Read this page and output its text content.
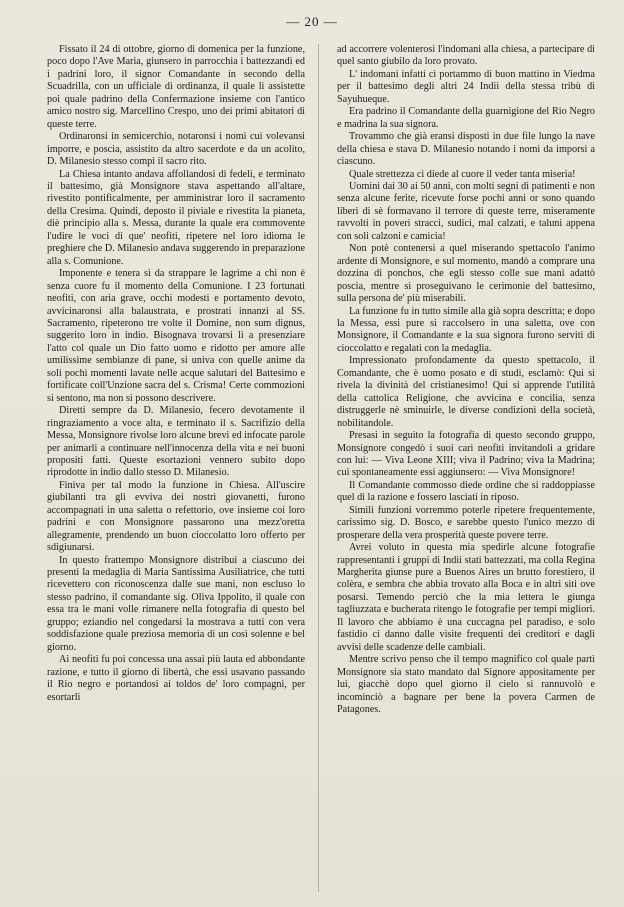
— 20 —

Fissato il 24 di ottobre, giorno di domenica per la funzione, poco dopo l'Ave Maria, giunsero in parrocchia i battezzandi ed i padrini loro, il signor Comandante in secondo della Scuadrilla, con un ufficiale di ordinanza, il quale li assistette poi quale padrino della Confermazione insieme con l'antico amico nostro sig. Marcellino Crespo, uno dei primi abitatori di queste terre.

Ordinaronsi in semicerchio, notaronsi i nomi cui volevansi imporre, e poscia, assistito da altro sacerdote e da un acolito, D. Milanesio stesso compì il sacro rito.

La Chiesa intanto andava affollandosi di fedeli, e terminato il battesimo, già Monsignore stava aspettando all'altare, rivestito pontificalmente, per amministrar loro il sacramento della Cresima. Quindi, deposto il piviale e rivestita la pianeta, diè principio alla s. Messa, durante la quale era commovente l'udire le voci di que' neofiti, ripetere nel loro idioma le preghiere che D. Milanesio andava suggerendo in preparazione alla s. Comunione.

Imponente e tenera sì da strappare le lagrime a chi non è senza cuore fu il momento della Comunione. I 23 fortunati neofiti, con aria grave, occhi modesti e portamento devoto, avvicinaronsi alla balaustrata, e prostrati innanzi al SS. Sacramento, ripeterono tre volte il Domine, non sum dignus, suggerito loro in indio. Bisognava trovarsi lì a presenziare l'atto col quale un Dio fatto uomo e ridotto per amore alle umilissime sembianze di pane, si univa con quelle anime da soli pochi momenti lavate nelle acque salutari del Battesimo e fortificate coll'Unzione sacra del s. Crisma! Certe commozioni si sentono, ma non si possono descrivere.

Diretti sempre da D. Milanesio, fecero devotamente il ringraziamento a voce alta, e terminato il s. Sacrifizio della Messa, Monsignore rivolse loro alcune brevi ed infocate parole per animarli a continuare nell'innocenza della vita e nei buoni propositi fatti. Queste esortazioni vennero subito dopo riprodotte in indio dallo stesso D. Milanesio.

Finiva per tal modo la funzione in Chiesa. All'uscire giubilanti tra gli evviva dei nostri giovanetti, furono accompagnati in una saletta o refettorio, ove insieme coi loro padrini e con Monsignore passarono una mezz'oretta allegramente, prendendo un buon cioccolatto loro offerto per sdigiunarsi.

In questo frattempo Monsignore distribuì a ciascuno dei presenti la medaglia di Maria Santissima Ausiliatrice, che tutti ricevettero con riconoscenza dalle sue mani, non escluso lo stesso padrino, il comandante sig. Oliva Ippolito, il quale con essa tra le mani volle rimanere nella fotografia di questo bel gruppo; eziandio nel congedarsi la mostrava a tutti con vera soddisfazione quale preziosa memoria di un così solenne e bel giorno.

Ai neofiti fu poi concessa una assai più lauta ed abbondante razione, e tutto il giorno di libertà, che essi usavano passando il Rio negro e portandosi ai toldos de' loro compagni, per esortarli

ad accorrere volenterosi l'indomani alla chiesa, a partecipare di quel santo giubilo da loro provato.

L' indomani infatti ci portammo di buon mattino in Viedma per il battesimo degli altri 24 Indii della stessa tribù di Sayuhueque.

Era padrino il Comandante della guarnigione del Rio Negro e madrina la sua signora.

Trovammo che già eransi disposti in due file lungo la nave della chiesa e stava D. Milanesio notando i nomi da imporsi a ciascuno.

Quale strettezza ci diede al cuore il veder tanta miseria!

Uomini dai 30 ai 50 anni, con molti segni di patimenti e non senza alcune ferite, ricevute forse pochi anni or sono quando liberi di sè formavano il terrore di queste terre, miseramente ravvolti in poveri stracci, sudici, mal calzati, e taluni appena con soli calzoni e camicia!

Non potè contenersi a quel miserando spettacolo l'animo ardente di Monsignore, e sul momento, mandò a comprare una dozzina di ponchos, che egli stesso colle sue mani adattò poscia, mentre si proseguivano le cerimonie del battesimo, sulla persona de' più miserabili.

La funzione fu in tutto simile alla già sopra descritta; e dopo la Messa, essi pure si raccolsero in una saletta, ove con Monsignore, il Comandante e la sua signora furono serviti di cioccolatto e regalati con la medaglia.

Impressionato profondamente da questo spettacolo, il Comandante, che è uomo posato e di studi, esclamò: Qui sì rivela la divinità del cristianesimo! Qui si apprende l'utilità della cattolica Religione, che avvicina e concilia, senza distruggerle nè sminuirle, le diverse condizioni della società, nobilitandole.

Presasi in seguito la fotografia di questo secondo gruppo, Monsignore congedò i suoi cari neofiti invitandoli a gridare con lui: — Viva Leone XIII; viva il Padrino; viva la Madrina; cui spontaneamente essi aggiunsero: — Viva Monsignore!

Il Comandante commosso diede ordine che si raddoppiasse quel di la razione e fossero lasciati in riposo.

Simili funzioni vorremmo poterle ripetere frequentemente, carissimo sig. D. Bosco, e sarebbe questo l'unico mezzo di prosperare della vera prosperità queste povere terre.

Avrei voluto in questa mia spedirle alcune fotografie rappresentanti i gruppi di Indii stati battezzati, ma colla Regina Margherita giunse pure a Buenos Aires un brutto forestiero, il colèra, e sembra che abbia trovato alla Boca e in altri siti ove posarsi. Temendo perciò che la mia lettera le giunga tagliuzzata e bucherata ritengo le fotografie per tempi migliori. Il lavoro che abbiamo è una cuccagna pel paradiso, e solo fastidio ci danno dalle visite frequenti dei creditori e dagli avvisi delle scadenze delle cambiali.

Mentre scrivo penso che il tempo magnifico col quale partì Monsignore sia stato mandato dal Signore appositamente per lui, giacchè dopo quel giorno il cielo si rannuvolò e incominciò a bagnare per bene la povera Carmen de Patagones.
